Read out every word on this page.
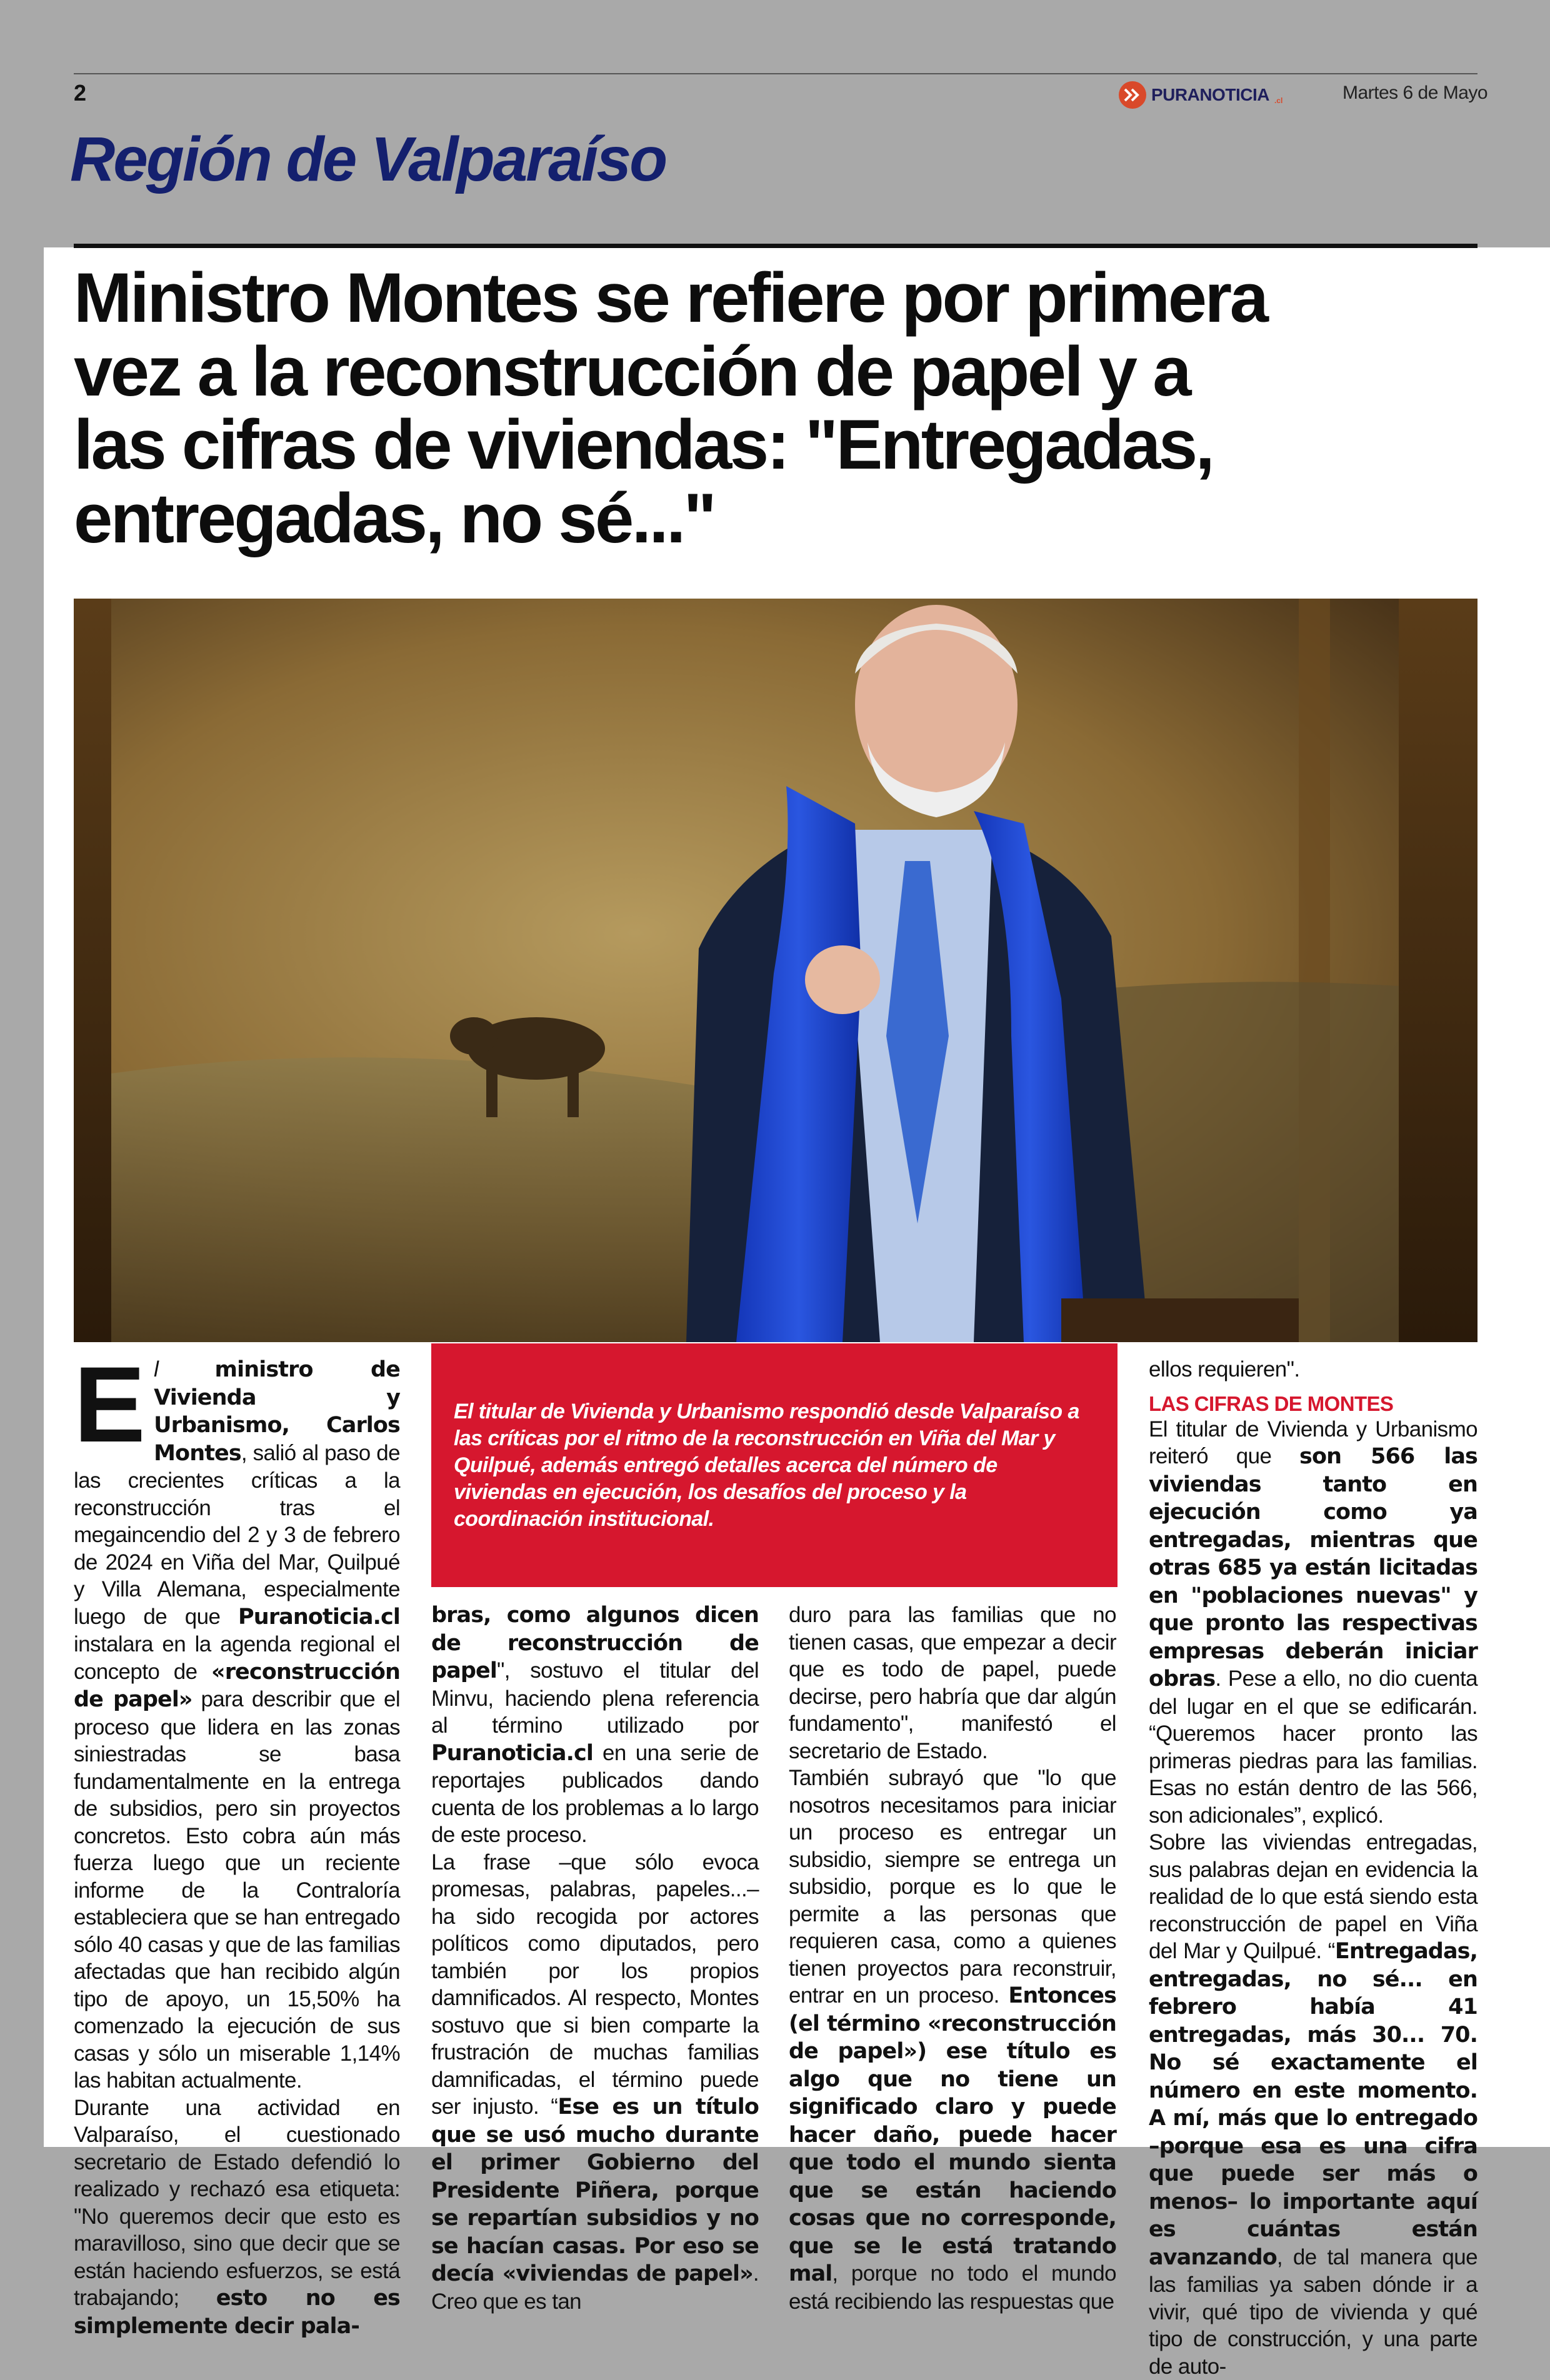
2	PURANOTICIA .cl	Martes 6 de Mayo
Región de Valparaíso
Ministro Montes se refiere por primera
vez a la reconstrucción de papel y a
las cifras de viviendas: "Entregadas,
entregadas, no sé..."

El titular de Vivienda y Urbanismo respondió desde Valparaíso a las críticas por el ritmo de la reconstrucción en Viña del Mar y Quilpué, además entregó detalles acerca del número de viviendas en ejecución, los desafíos del proceso y la coordinación institucional.

El ministro de Vivienda y Urbanismo, Carlos Montes, salió al paso de las crecientes críticas a la reconstrucción tras el megaincendio del 2 y 3 de febrero de 2024 en Viña del Mar, Quilpué y Villa Alemana, especialmente luego de que Puranoticia.cl instalara en la agenda regional el concepto de «reconstrucción de papel» para describir que el proceso que lidera en las zonas siniestradas se basa fundamentalmente en la entrega de subsidios, pero sin proyectos concretos. Esto cobra aún más fuerza luego que un reciente informe de la Contraloría estableciera que se han entregado sólo 40 casas y que de las familias afectadas que han recibido algún tipo de apoyo, un 15,50% ha comenzado la ejecución de sus casas y sólo un miserable 1,14% las habitan actualmente.
Durante una actividad en Valparaíso, el cuestionado secretario de Estado defendió lo realizado y rechazó esa etiqueta: "No queremos decir que esto es maravilloso, sino que decir que se están haciendo esfuerzos, se está trabajando; esto no es simplemente decir pala-
bras, como algunos dicen de reconstrucción de papel", sostuvo el titular del Minvu, haciendo plena referencia al término utilizado por Puranoticia.cl en una serie de reportajes publicados dando cuenta de los problemas a lo largo de este proceso.
La frase –que sólo evoca promesas, palabras, papeles...– ha sido recogida por actores políticos como diputados, pero también por los propios damnificados. Al respecto, Montes sostuvo que si bien comparte la frustración de muchas familias damnificadas, el término puede ser injusto. “Ese es un título que se usó mucho durante el primer Gobierno del Presidente Piñera, porque se repartían subsidios y no se hacían casas. Por eso se decía «viviendas de papel». Creo que es tan
duro para las familias que no tienen casas, que empezar a decir que es todo de papel, puede decirse, pero habría que dar algún fundamento", manifestó el secretario de Estado.
También subrayó que "lo que nosotros necesitamos para iniciar un proceso es entregar un subsidio, siempre se entrega un subsidio, porque es lo que le permite a las personas que requieren casa, como a quienes tienen proyectos para reconstruir, entrar en un proceso. Entonces (el término «reconstrucción de papel») ese título es algo que no tiene un significado claro y puede hacer daño, puede hacer que todo el mundo sienta que se están haciendo cosas que no corresponde, que se le está tratando mal, porque no todo el mundo está recibiendo las respuestas que
ellos requieren".
LAS CIFRAS DE MONTES
El titular de Vivienda y Urbanismo reiteró que son 566 las viviendas tanto en ejecución como ya entregadas, mientras que otras 685 ya están licitadas en "poblaciones nuevas" y que pronto las respectivas empresas deberán iniciar obras. Pese a ello, no dio cuenta del lugar en el que se edificarán. “Queremos hacer pronto las primeras piedras para las familias. Esas no están dentro de las 566, son adicionales”, explicó.
Sobre las viviendas entregadas, sus palabras dejan en evidencia la realidad de lo que está siendo esta reconstrucción de papel en Viña del Mar y Quilpué. “Entregadas, entregadas, no sé... en febrero había 41 entregadas, más 30... 70. No sé exactamente el número en este momento. A mí, más que lo entregado –porque esa es una cifra que puede ser más o menos– lo importante aquí es cuántas están avanzando, de tal manera que las familias ya saben dónde ir a vivir, qué tipo de vivienda y qué tipo de construcción, y una parte de auto-
